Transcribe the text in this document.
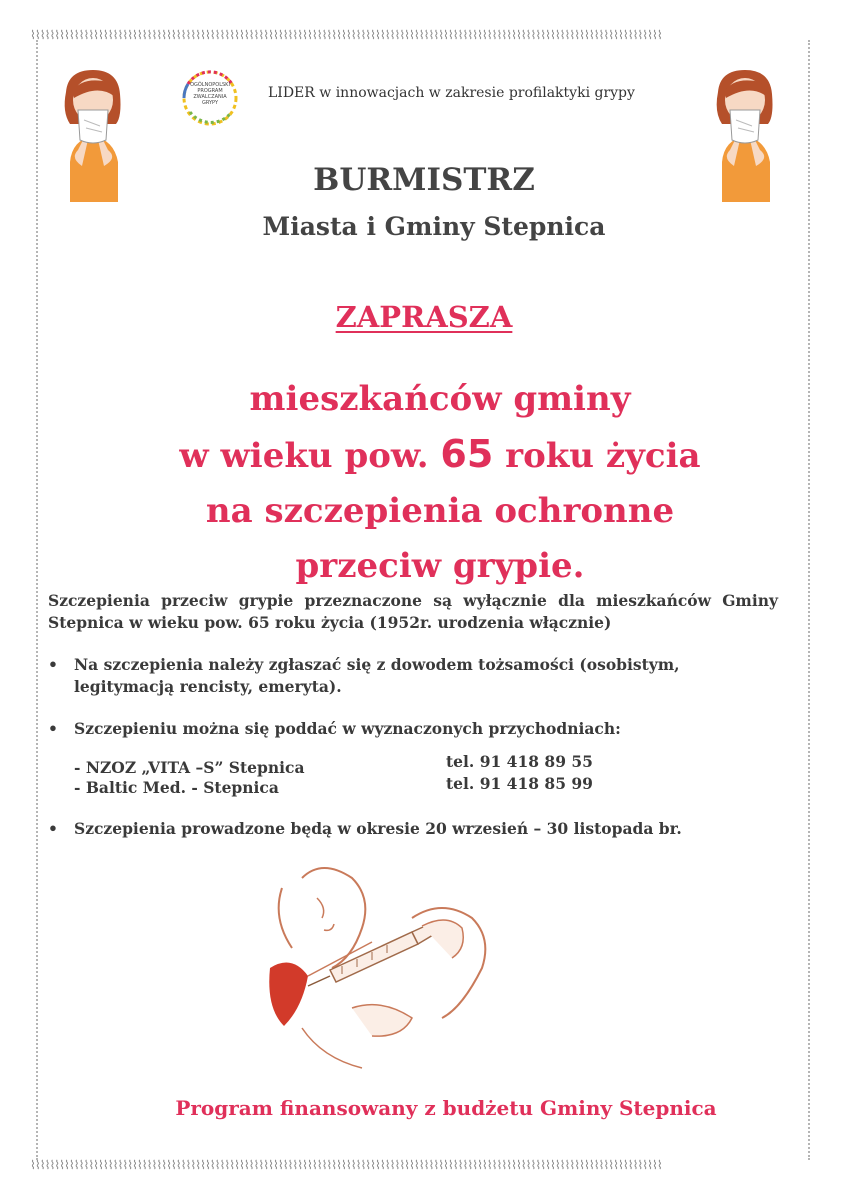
⌇⌇⌇⌇⌇⌇⌇⌇⌇⌇⌇⌇⌇⌇⌇⌇⌇⌇⌇⌇⌇⌇⌇⌇⌇⌇⌇⌇⌇⌇⌇⌇⌇⌇⌇⌇⌇⌇⌇⌇⌇⌇⌇⌇⌇⌇⌇⌇⌇⌇⌇⌇⌇⌇⌇⌇⌇⌇⌇⌇⌇⌇⌇⌇⌇⌇⌇⌇⌇⌇⌇⌇⌇⌇⌇⌇⌇⌇⌇⌇⌇⌇⌇⌇⌇⌇⌇⌇⌇⌇⌇⌇⌇⌇⌇⌇⌇⌇⌇⌇⌇⌇⌇⌇⌇⌇⌇⌇⌇⌇⌇⌇⌇⌇⌇⌇⌇⌇⌇⌇⌇⌇⌇⌇⌇⌇⌇⌇⌇⌇
⌇⌇⌇⌇⌇⌇⌇⌇⌇⌇⌇⌇⌇⌇⌇⌇⌇⌇⌇⌇⌇⌇⌇⌇⌇⌇⌇⌇⌇⌇⌇⌇⌇⌇⌇⌇⌇⌇⌇⌇⌇⌇⌇⌇⌇⌇⌇⌇⌇⌇⌇⌇⌇⌇⌇⌇⌇⌇⌇⌇⌇⌇⌇⌇⌇⌇⌇⌇⌇⌇⌇⌇⌇⌇⌇⌇⌇⌇⌇⌇⌇⌇⌇⌇⌇⌇⌇⌇⌇⌇⌇⌇⌇⌇⌇⌇⌇⌇⌇⌇⌇⌇⌇⌇⌇⌇⌇⌇⌇⌇⌇⌇⌇⌇⌇⌇⌇⌇⌇⌇⌇⌇⌇⌇⌇⌇⌇⌇⌇⌇
OGÓLNOPOLSKI
PROGRAM
ZWALCZANIA
GRYPY
LIDER w innowacjach w zakresie profilaktyki grypy
BURMISTRZ
Miasta i Gminy Stepnica
ZAPRASZA
mieszkańców gminy
w wieku pow. 65 roku życia
na szczepienia ochronne
przeciw grypie.
Szczepienia przeciw grypie przeznaczone są wyłącznie dla mieszkańców Gminy Stepnica w wieku pow. 65 roku życia (1952r. urodzenia włącznie)
• Na szczepienia należy zgłaszać się z dowodem tożsamości (osobistym, legitymacją rencisty, emeryta).
• Szczepieniu można się poddać w wyznaczonych przychodniach:
- NZOZ „VITA –S” Stepnica	tel. 91 418 89 55
- Baltic Med. - Stepnica	tel. 91 418 85 99
• Szczepienia prowadzone będą w okresie 20 wrzesień – 30 listopada br.
Program finansowany z budżetu Gminy Stepnica
